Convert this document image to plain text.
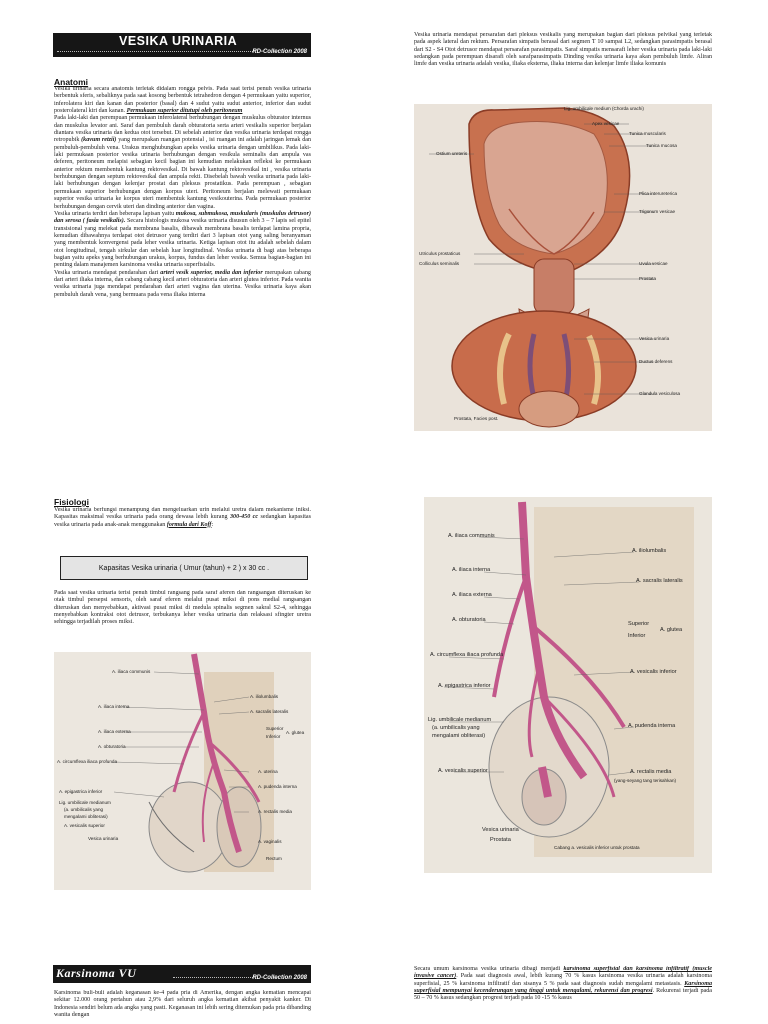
VESIKA URINARIA
RD-Collection 2008
Anatomi

Vesika urinaria secara anatomis terletak didalam rongga pelvis. Pada saat terisi penuh vesika urinaria berbentuk sferis, sebaliknya pada saat kosong berbentuk tetrahedron dengan 4 permukaan yaitu superior, inferolatera kiri dan kanan dan posterior (basal) dan 4 sudut yaitu sudut anterior, inferior dan sudut posterolateral kiri dan kanan. Permukaan superior ditutupi oleh peritoneum

Pada laki-laki dan perempuan permukaan inferolateral berhubungan dengan muskulus obturator internus dan muskulus levator ani. Saraf dan pembuluh darah obturatoria serta arteri vesikalis superior berjalan diantara vesika urinaria dan kedua otot tersebut. Di sebelah anterior dan vesika urinaria terdapat rongga retropubik (kavum retzii) yang merupakan ruangan potensial , isi ruangan ini adalah jaringan lemak dan pembuluh-pembuluh vena. Urakus menghubungkan apeks vesika urinaria dengan umbilikus. Pada laki-laki permukaan posterior vesika urinaria berhubungan dengan vesikula seminalis dan ampula vas deferen, peritoneum melapisi sebagian kecil bagian ini kemudian melakukan refleksi ke permukaan anterior rektum membentuk kantung rektovesikal. Di bawah kantung rektovesikal ini , vesika urinaria berhubungan dengan septum rektovesikal dan ampula rekti. Disebelah bawah vesika urinaria pada laki-laki berhubungan dengan kelenjar prostat dan pleksus prostatikus. Pada perempuan , sebagian permukaan superior berhubungan dengan korpus uteri. Peritoneum berjalan melewati permukaan superior vesika urinaria ke korpus uteri membentuk kantung vesikouterina. Pada permukaan posterior berhubungan dengan cervik uteri dan dinding anterior dan vagina.

Vesika urinaria terdiri dan beberapa lapisan yaitu mukosa, submukosa, muskularis (muskulus detrusor) dan serosa ( fasia vesikalis). Secara histologis mukosa vesika urinaria disusun oleh 3 – 7 lapis sel epitel transisional yang melekat pada membrana basalis, dibawah membrana basalis terdapat lamina propria, kemudian dibawahnya terdapat otot detrusor yang terdiri dari 3 lapisan otot yang saling beranyaman yang membentuk konvergensi pada leher vesika urinaria. Ketiga lapisan otot itu adalah sebelah dalam otot longitudinal, tengah sirkular dan sebelah luar longitudinal. Vesika urinaria di bagi atas beberapa bagian yaitu apeks yang berhubungan urakus, korpus, fundus dan leher vesika. Semua bagian-bagian ini penting dalam manajemen karsinoma vesika urinaria superfisialis.

Vesika urinaria mendapat pendarahan dari arteri vesik superior, media dan inferior merupakan cabang dari arteri iliaka interna, dan cabang cabang kecil arteri obturatoria dan arteri glutea inferior. Pada wanita vesika urinaria juga mendapat pendarahan dari arteri vagina dan uterina. Vesika urinaria kaya akan pembuluh darah vena, yang bermuara pada vena iliaka interna

Vesika urinaria mendapat persarafan dari pleksus vesikalis yang merupakan bagian dari pleksus pelvikal yang terletak pada aspek lateral dan rektum. Persarafan simpatis berasal dari segmen T 10 sampai L2, sedangkan parasimpatis berasal dari S2 - S4 Otot detrusor mendapat persarafan parasimpatis. Saraf simpatis mensarafi leher vesika urinaria pada laki-laki sedangkan pada perempuan disarafi oleh sarafparasimpatis Dinding vesika urinaria kaya akan pembuluh limfe. Aliran limfe dan vesika urinaria adalah vesika, iliaka eksterna, iliaka interna dan kelenjar limfe iliaka komunis

Lig. umbilicale medium (Chorda urachi)
Apex vesicae
Tunica muscularis
Tunica mucosa
Plica interureterica
Ostium ureteris
Trigonum vesicae
Uvula vesicae
Prostata
Utriculus prostaticus
Colliculus seminalis
Vesica urinaria
Ductus deferens
Glandula vesiculosa
Prostata, Facies post.
Fisiologi

Vesika urinaria berfungsi menampung dan mengeluarkan urin melalui uretra dalam mekanisme iniksi. Kapasitas maksimal vesika urinaria pada orang dewasa lebih kurang 300-450 cc sedangkan kapasitas vesika urinaria pada anak-anak menggunakan formula dari Koff:

Kapasitas Vesika urinaria ( Umur (tahun) + 2 ) x 30 cc .

Pada saat vesika urinaria terisi penuh timbul rangsang pada saraf aferen dan rangsangan diteruskan ke otak timbul persepsi sensoris, oleh saraf eferen melalui pusat miksi di pons medial rangsangan diteruskan dan menyebabkan, aktivasi pusat miksi di medula spinalis segmen sakral S2-4, sehingga menyebabkan kontraksi otot detrusor, terbukanya leher vesika urinaria dan relaksasi sfingter uretra sehingga terjadilah proses miksi.

A. iliaca communis
A. iliolumbalis
A. sacralis lateralis
A. iliaca interna
A. iliaca externa
A. obturatoria
Superior
Inferior
A. glutea
A. circumflexa iliaca profunda
A. uterina
A. epigastrica inferior
Lig. umbilicale medianum
(a. umbilicalis yang
mengalami obliterasi)
A. pudenda interna
A. vesicalis superior
A. rectalis media
A. vaginalis
Vesica urinaria
Rectum
A. iliaca communis
A. iliolumbalis
A. iliaca interna
A. sacralis lateralis
A. iliaca externa
A. obturatoria
Superior
Inferior
A. glutea
A. circumflexa iliaca profunda
A. vesicalis inferior
A. epigastrica inferior
Lig. umbilicale medianum
(a. umbilicalis yang
mengalami obliterasi)
A. pudenda interna
A. vesicalis superior	A. rectalis media
(yang-seyang tang terisahkan)
Vesica urinaria
Prostata
Cabang a. vesicalis inferior untuk prostata
Karsinoma VU	RD-Collection 2008

Karsinoma buli-buli adalah keganasan ke-4 pada pria di Amerika, dengan angka kematian mencapai sekitar 12.000 orang pertahun atau 2,9% dari seluruh angka kematian akibat penyakit kanker. Di Indonesia sendiri belum ada angka yang pasti. Keganasan ini lebih sering ditemukan pada pria dibanding wanita dengan

Secara umum karsinoma vesika urinaria dibagi menjadi karsinoma superfisial dan karsinoma infiltratif (muscle invasive cancer). Pada saat diagnosis awal, lebih kurang 70 % kasus karsinoma vesika urinaria adalah karsinoma superfisial, 25 % karsinoma infiltratif dan sisanya 5 % pada saat diagnosis sudah mengalami metastasis. Karsinoma superfisial mempunyai kecenderungan yang tinggi untuk mengalami, rekurensi dan progresi. Rekurensi terjadi pada 50 – 70 % kasus sedangkan progresi terjadi pada 10 -15 % kasus
